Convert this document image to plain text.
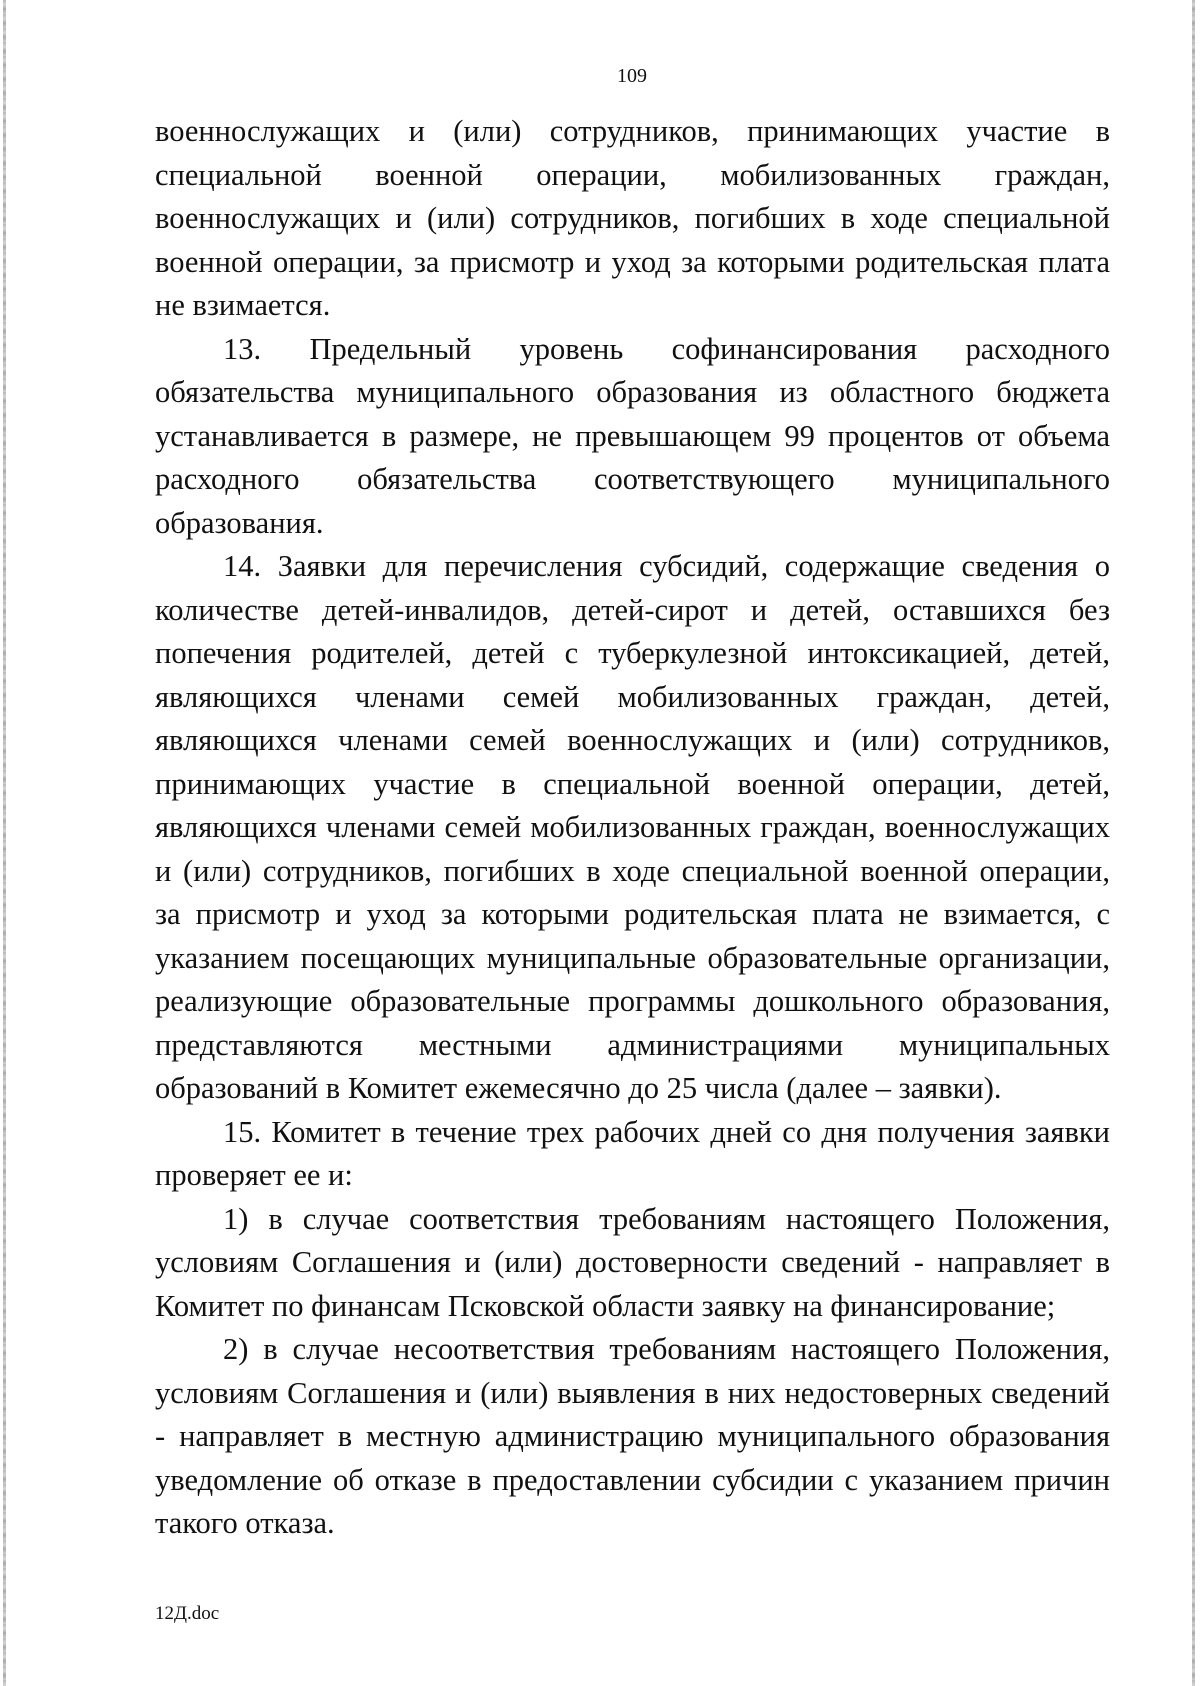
109

военнослужащих и (или) сотрудников, принимающих участие в специальной военной операции, мобилизованных граждан, военнослужащих и (или) сотрудников, погибших в ходе специальной военной операции, за присмотр и уход за которыми родительская плата не взимается.

13. Предельный уровень софинансирования расходного обязательства муниципального образования из областного бюджета устанавливается в размере, не превышающем 99 процентов от объема расходного обязательства соответствующего муниципального образования.

14. Заявки для перечисления субсидий, содержащие сведения о количестве детей-инвалидов, детей-сирот и детей, оставшихся без попечения родителей, детей с туберкулезной интоксикацией, детей, являющихся членами семей мобилизованных граждан, детей, являющихся членами семей военнослужащих и (или) сотрудников, принимающих участие в специальной военной операции, детей, являющихся членами семей мобилизованных граждан, военнослужащих и (или) сотрудников, погибших в ходе специальной военной операции, за присмотр и уход за которыми родительская плата не взимается, с указанием посещающих муниципальные образовательные организации, реализующие образовательные программы дошкольного образования, представляются местными администрациями муниципальных образований в Комитет ежемесячно до 25 числа (далее – заявки).

15. Комитет в течение трех рабочих дней со дня получения заявки проверяет ее и:

1) в случае соответствия требованиям настоящего Положения, условиям Соглашения и (или) достоверности сведений - направляет в Комитет по финансам Псковской области заявку на финансирование;

2) в случае несоответствия требованиям настоящего Положения, условиям Соглашения и (или) выявления в них недостоверных сведений - направляет в местную администрацию муниципального образования уведомление об отказе в предоставлении субсидии с указанием причин такого отказа.

12Д.doc
